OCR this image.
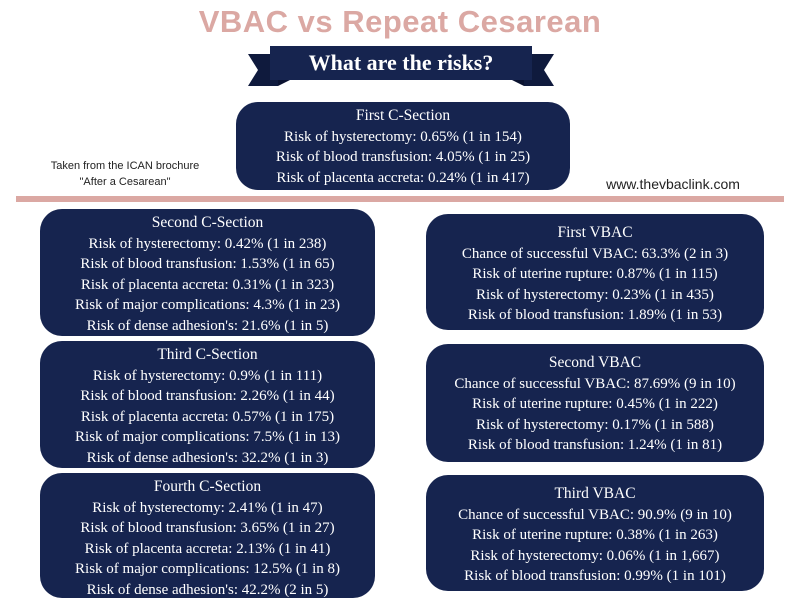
VBAC vs Repeat Cesarean
What are the risks?
First C-Section
Risk of hysterectomy: 0.65% (1 in 154)
Risk of blood transfusion: 4.05% (1 in 25)
Risk of placenta accreta: 0.24% (1 in 417)
Taken from the ICAN brochure
"After a Cesarean"	www.thevbaclink.com
Second C-Section
Risk of hysterectomy: 0.42% (1 in 238)
Risk of blood transfusion: 1.53% (1 in 65)
Risk of placenta accreta: 0.31% (1 in 323)
Risk of major complications: 4.3% (1 in 23)
Risk of dense adhesion's: 21.6% (1 in 5)
Third C-Section
Risk of hysterectomy: 0.9% (1 in 111)
Risk of blood transfusion: 2.26% (1 in 44)
Risk of placenta accreta: 0.57% (1 in 175)
Risk of major complications: 7.5% (1 in 13)
Risk of dense adhesion's: 32.2% (1 in 3)
Fourth C-Section
Risk of hysterectomy: 2.41% (1 in 47)
Risk of blood transfusion: 3.65% (1 in 27)
Risk of placenta accreta: 2.13% (1 in 41)
Risk of major complications: 12.5% (1 in 8)
Risk of dense adhesion's: 42.2% (2 in 5)
First VBAC
Chance of successful VBAC: 63.3% (2 in 3)
Risk of uterine rupture: 0.87% (1 in 115)
Risk of hysterectomy: 0.23% (1 in 435)
Risk of blood transfusion: 1.89% (1 in 53)
Second VBAC
Chance of successful VBAC: 87.69% (9 in 10)
Risk of uterine rupture: 0.45% (1 in 222)
Risk of hysterectomy: 0.17% (1 in 588)
Risk of blood transfusion: 1.24% (1 in 81)
Third VBAC
Chance of successful VBAC: 90.9% (9 in 10)
Risk of uterine rupture: 0.38% (1 in 263)
Risk of hysterectomy: 0.06% (1 in 1,667)
Risk of blood transfusion: 0.99% (1 in 101)
